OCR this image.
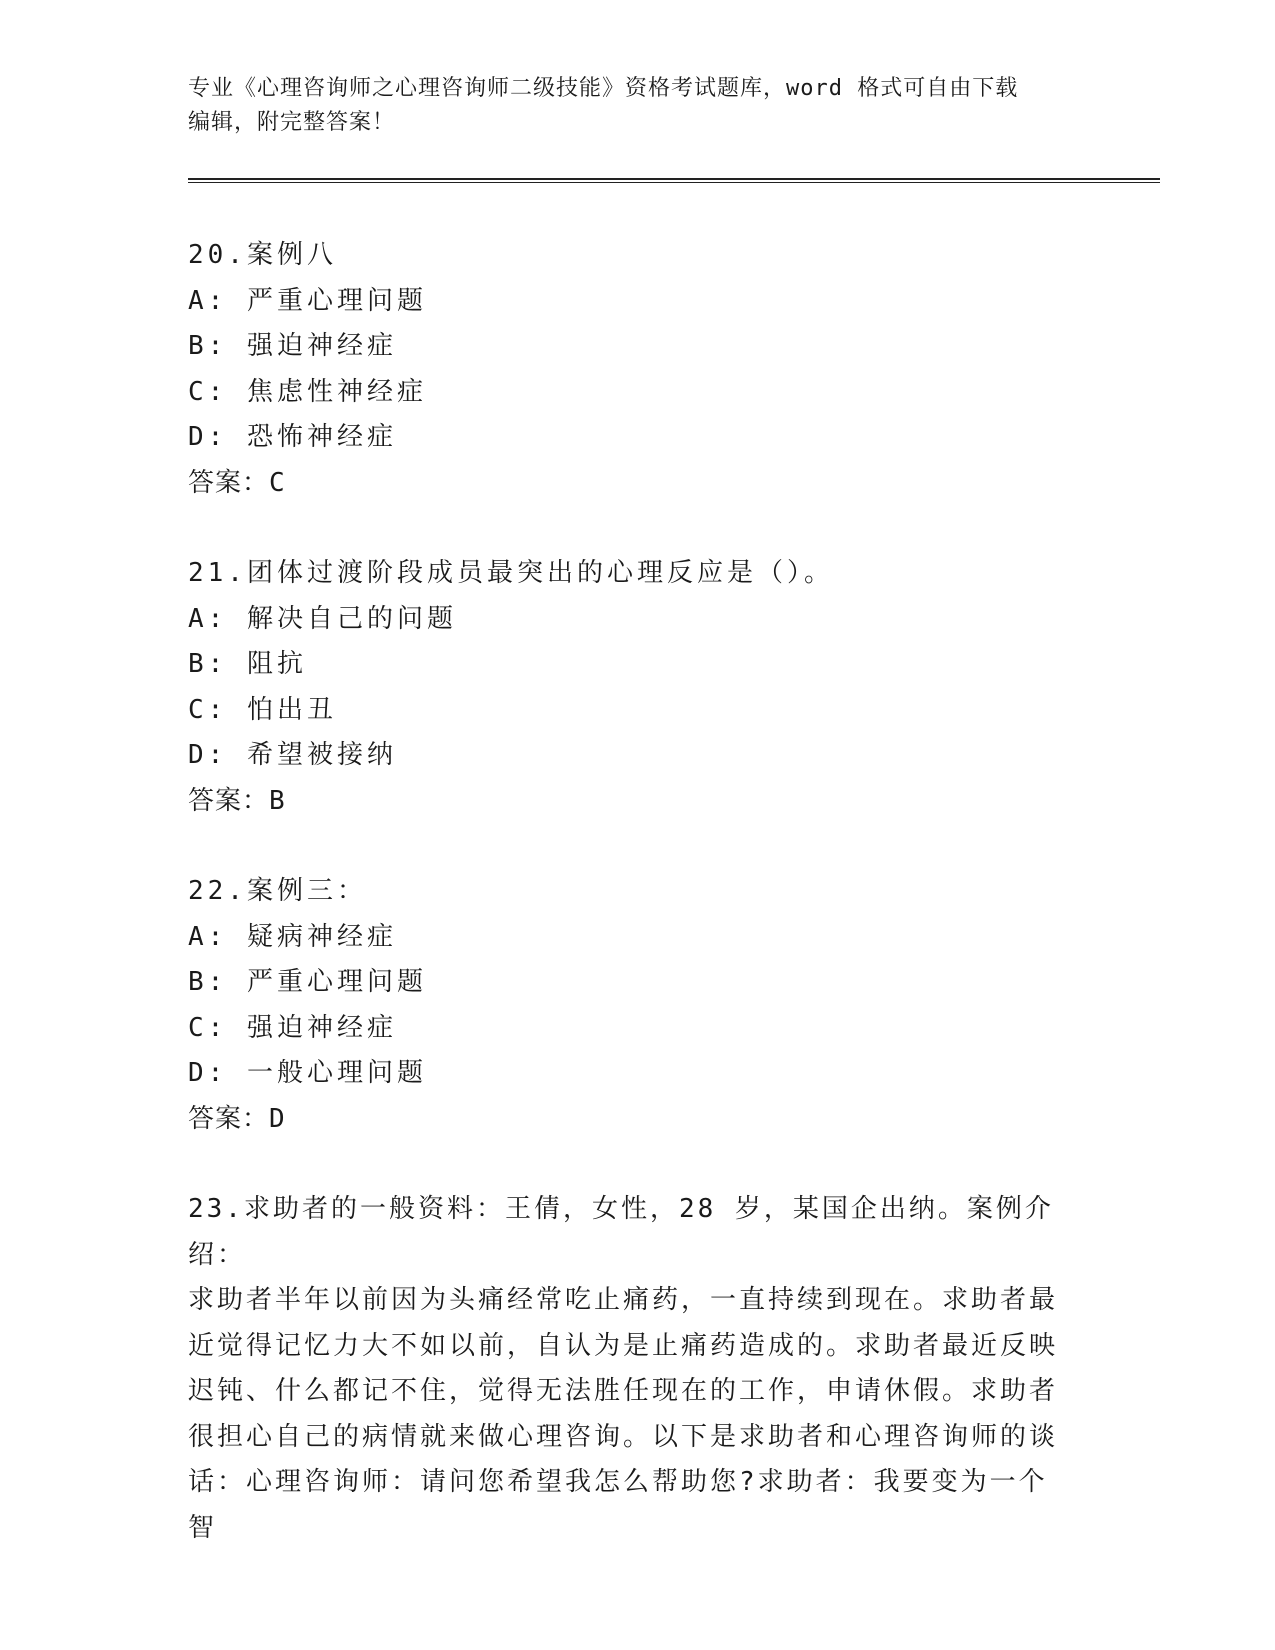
专业《心理咨询师之心理咨询师二级技能》资格考试题库，word 格式可自由下载
编辑，附完整答案！
20.案例八
A: 严重心理问题
B: 强迫神经症
C: 焦虑性神经症
D: 恐怖神经症
答案：C
21.团体过渡阶段成员最突出的心理反应是（）。
A: 解决自己的问题
B: 阻抗
C: 怕出丑
D: 希望被接纳
答案：B
22.案例三：
A: 疑病神经症
B: 严重心理问题
C: 强迫神经症
D: 一般心理问题
答案：D
23.求助者的一般资料：王倩，女性，28 岁，某国企出纳。案例介绍：
求助者半年以前因为头痛经常吃止痛药，一直持续到现在。求助者最
近觉得记忆力大不如以前，自认为是止痛药造成的。求助者最近反映
迟钝、什么都记不住，觉得无法胜任现在的工作，申请休假。求助者
很担心自己的病情就来做心理咨询。以下是求助者和心理咨询师的谈
话：心理咨询师：请问您希望我怎么帮助您?求助者：我要变为一个智
